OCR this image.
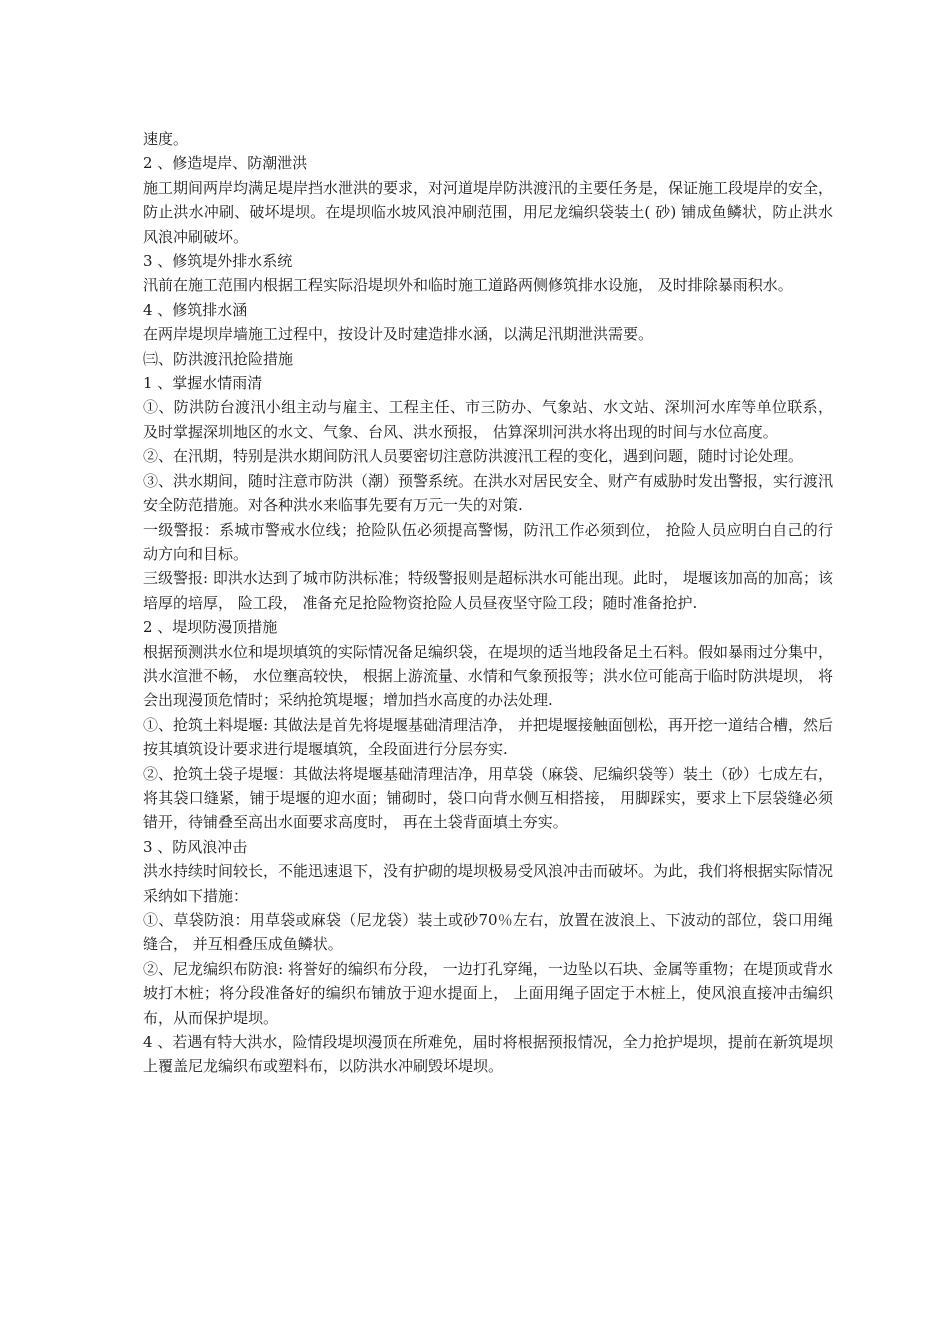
速度。

2 、修造堤岸、防潮泄洪

施工期间两岸均满足堤岸挡水泄洪的要求，对河道堤岸防洪渡汛的主要任务是，保证施工段堤岸的安全，防止洪水冲刷、破坏堤坝。在堤坝临水坡风浪冲刷范围，用尼龙编织袋装土( 砂) 铺成鱼鳞状，防止洪水风浪冲刷破坏。

3 、修筑堤外排水系统

汛前在施工范围内根据工程实际沿堤坝外和临时施工道路两侧修筑排水设施， 及时排除暴雨积水。

4 、修筑排水涵

在两岸堤坝岸墙施工过程中，按设计及时建造排水涵，以满足汛期泄洪需要。

㈢、防洪渡汛抢险措施

1 、掌握水情雨清

①、防洪防台渡汛小组主动与雇主、工程主任、市三防办、气象站、水文站、深圳河水库等单位联系， 及时掌握深圳地区的水文、气象、台风、洪水预报， 估算深圳河洪水将出现的时间与水位高度。

②、在汛期，特别是洪水期间防汛人员要密切注意防洪渡汛工程的变化，遇到问题，随时讨论处理。

③、洪水期间，随时注意市防洪（潮）预警系统。在洪水对居民安全、财产有威胁时发出警报，实行渡汛安全防范措施。对各种洪水来临事先要有万元一失的对策.

一级警报：系城市警戒水位线；抢险队伍必须提高警惕，防汛工作必须到位， 抢险人员应明白自己的行动方向和目标。

三级警报: 即洪水达到了城市防洪标准；特级警报则是超标洪水可能出现。此时， 堤堰该加高的加高；该培厚的培厚， 险工段， 准备充足抢险物资抢险人员昼夜坚守险工段；随时准备抢护.

2 、堤坝防漫顶措施

根据预测洪水位和堤坝填筑的实际情况备足编织袋，在堤坝的适当地段备足土石料。假如暴雨过分集中，洪水渲泄不畅， 水位壅高较快， 根据上游流量、水情和气象预报等；洪水位可能高于临时防洪堤坝， 将会出现漫顶危情时；采纳抢筑堤堰；增加挡水高度的办法处理.

①、抢筑土料堤堰: 其做法是首先将堤堰基础清理洁净， 并把堤堰接触面刨松，再开挖一道结合槽，然后按其填筑设计要求进行堤堰填筑，全段面进行分层夯实.

②、抢筑土袋子堤堰：其做法将堤堰基础清理洁净，用草袋（麻袋、尼编织袋等）装土（砂）七成左右，将其袋口缝紧，铺于堤堰的迎水面；铺砌时，袋口向背水侧互相搭接， 用脚踩实，要求上下层袋缝必须错开，待铺叠至高出水面要求高度时， 再在土袋背面填土夯实。

3 、防风浪冲击

洪水持续时间较长，不能迅速退下，没有护砌的堤坝极易受风浪冲击而破坏。为此，我们将根据实际情况采纳如下措施：

①、草袋防浪：用草袋或麻袋（尼龙袋）装土或砂70％左右，放置在波浪上、下波动的部位，袋口用绳缝合， 并互相叠压成鱼鳞状。

②、尼龙编织布防浪: 将誉好的编织布分段， 一边打孔穿绳，一边坠以石块、金属等重物；在堤顶或背水坡打木桩；将分段准备好的编织布铺放于迎水提面上， 上面用绳子固定于木桩上，使风浪直接冲击编织布，从而保护堤坝。

4 、若遇有特大洪水，险情段堤坝漫顶在所难免，届时将根据预报情况，全力抢护堤坝，提前在新筑堤坝上覆盖尼龙编织布或塑料布，以防洪水冲刷毁坏堤坝。
